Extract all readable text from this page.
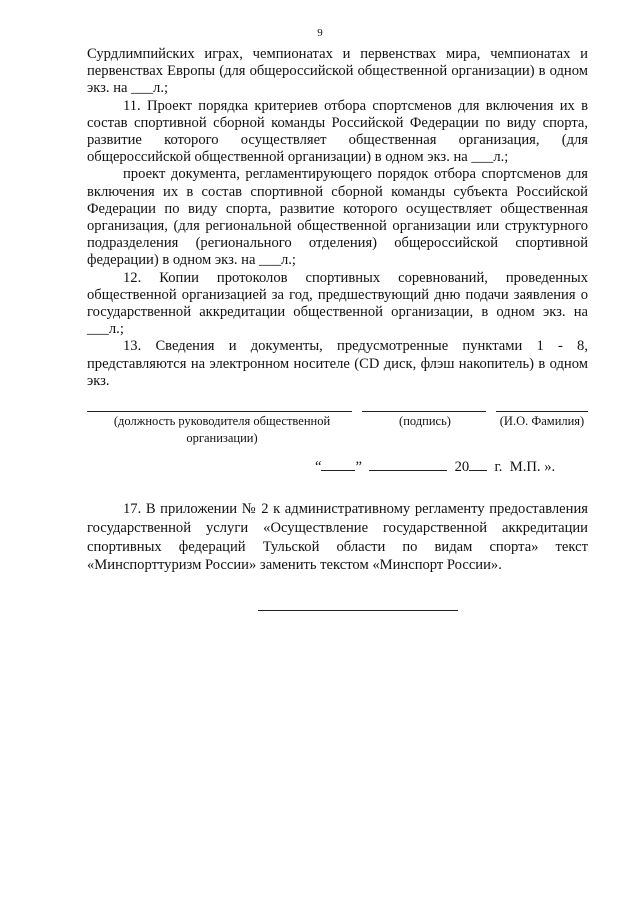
9

Сурдлимпийских играх, чемпионатах и первенствах мира, чемпионатах и первенствах Европы (для общероссийской общественной организации) в одном экз. на ___л.;

11. Проект порядка критериев отбора спортсменов для включения их в состав спортивной сборной команды Российской Федерации по виду спорта, развитие которого осуществляет общественная организация, (для общероссийской общественной организации) в одном экз. на ___л.;

проект документа, регламентирующего порядок отбора спортсменов для включения их в состав спортивной сборной команды субъекта Российской Федерации по виду спорта, развитие которого осуществляет общественная организация, (для региональной общественной организации или структурного подразделения (регионального отделения) общероссийской спортивной федерации) в одном экз. на ___л.;

12. Копии протоколов спортивных соревнований, проведенных общественной организацией за год, предшествующий дню подачи заявления о государственной аккредитации общественной организации, в одном экз. на ___л.;

13. Сведения и документы, предусмотренные пунктами 1 - 8, представляются на электронном носителе (CD диск, флэш накопитель) в одном экз.

(должность руководителя общественной организации)
(подпись)	(И.О. Фамилия)
“ ”	20 г. М.П. ».

17. В приложении № 2 к административному регламенту предоставления государственной услуги «Осуществление государственной аккредитации спортивных федераций Тульской области по видам спорта» текст «Минспорттуризм России» заменить текстом «Минспорт России».
